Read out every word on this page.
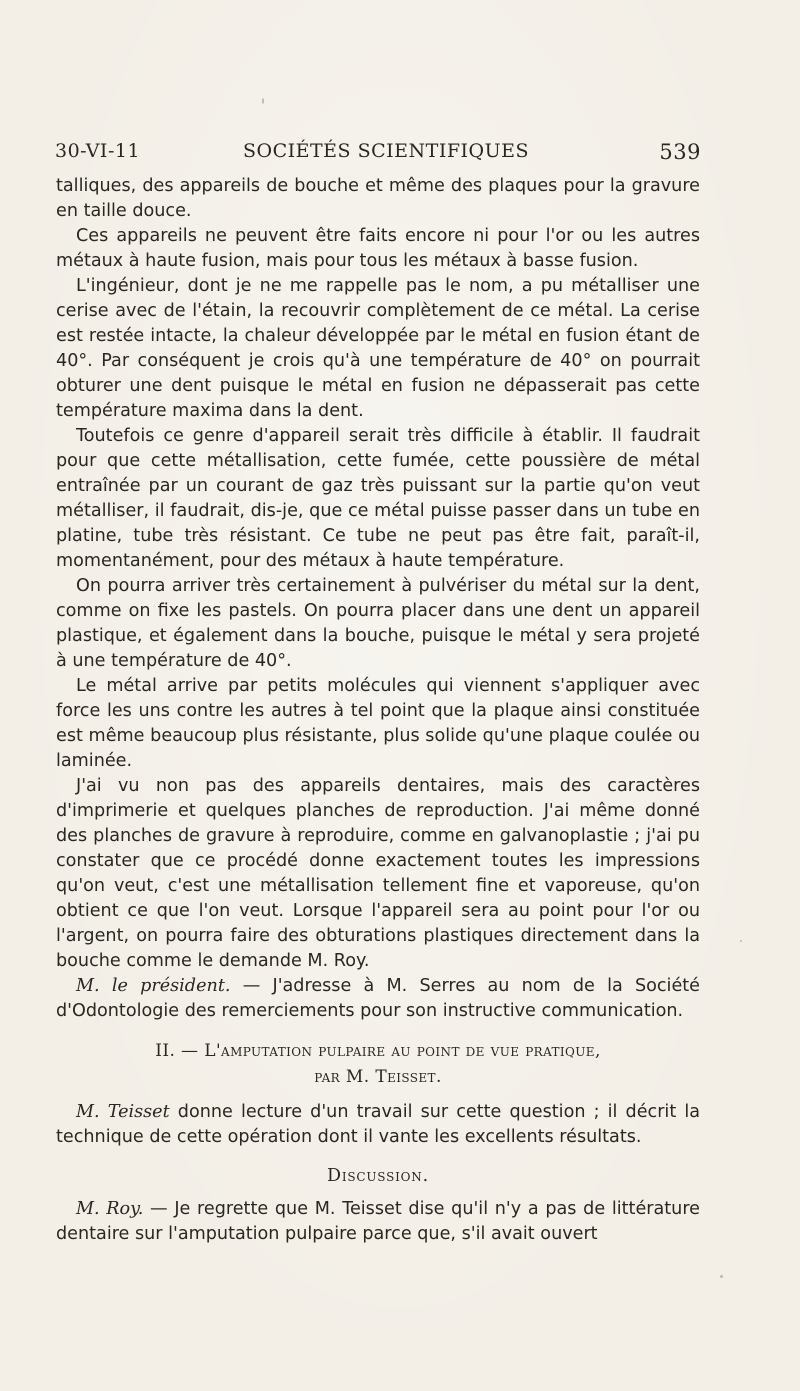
30-VI-11	SOCIÉTÉS SCIENTIFIQUES	539

talliques, des appareils de bouche et même des plaques pour la gravure en taille douce.

Ces appareils ne peuvent être faits encore ni pour l'or ou les autres métaux à haute fusion, mais pour tous les métaux à basse fusion.

L'ingénieur, dont je ne me rappelle pas le nom, a pu métalliser une cerise avec de l'étain, la recouvrir complètement de ce métal. La cerise est restée intacte, la chaleur développée par le métal en fusion étant de 40°. Par conséquent je crois qu'à une température de 40° on pourrait obturer une dent puisque le métal en fusion ne dépasserait pas cette température maxima dans la dent.

Toutefois ce genre d'appareil serait très difficile à établir. Il faudrait pour que cette métallisation, cette fumée, cette poussière de métal entraînée par un courant de gaz très puissant sur la partie qu'on veut métalliser, il faudrait, dis-je, que ce métal puisse passer dans un tube en platine, tube très résistant. Ce tube ne peut pas être fait, paraît-il, momentanément, pour des métaux à haute température.

On pourra arriver très certainement à pulvériser du métal sur la dent, comme on fixe les pastels. On pourra placer dans une dent un appareil plastique, et également dans la bouche, puisque le métal y sera projeté à une température de 40°.

Le métal arrive par petits molécules qui viennent s'appliquer avec force les uns contre les autres à tel point que la plaque ainsi constituée est même beaucoup plus résistante, plus solide qu'une plaque coulée ou laminée.

J'ai vu non pas des appareils dentaires, mais des caractères d'imprimerie et quelques planches de reproduction. J'ai même donné des planches de gravure à reproduire, comme en galvanoplastie ; j'ai pu constater que ce procédé donne exactement toutes les impressions qu'on veut, c'est une métallisation tellement fine et vaporeuse, qu'on obtient ce que l'on veut. Lorsque l'appareil sera au point pour l'or ou l'argent, on pourra faire des obturations plastiques directement dans la bouche comme le demande M. Roy.

M. le président. — J'adresse à M. Serres au nom de la Société d'Odontologie des remerciements pour son instructive communication.

II. — L'amputation pulpaire au point de vue pratique,
par M. Teisset.

M. Teisset donne lecture d'un travail sur cette question ; il décrit la technique de cette opération dont il vante les excellents résultats.

Discussion.

M. Roy. — Je regrette que M. Teisset dise qu'il n'y a pas de littérature dentaire sur l'amputation pulpaire parce que, s'il avait ouvert
